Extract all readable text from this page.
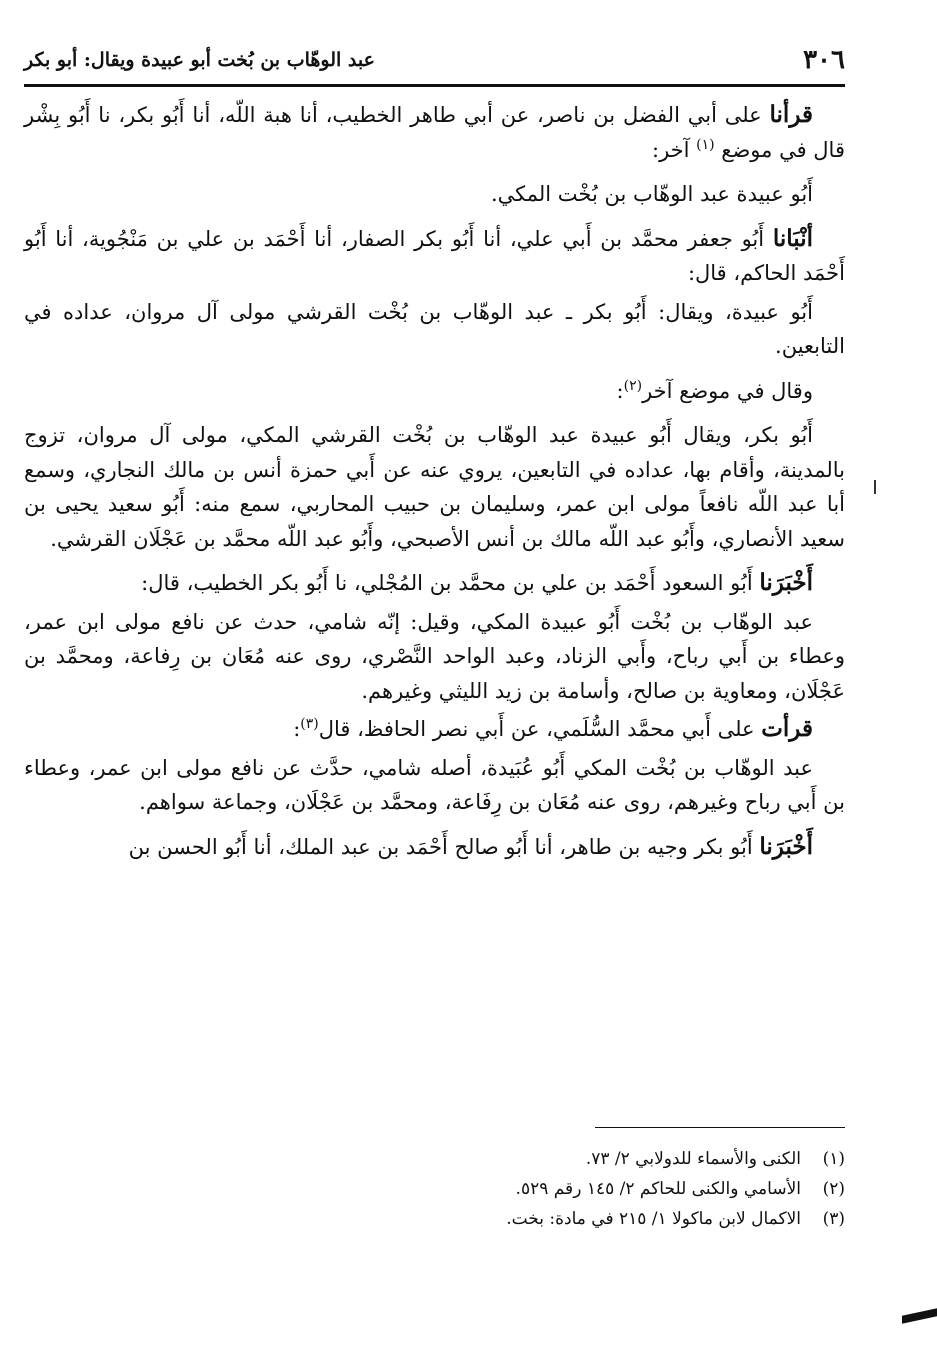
٣٠٦
عبد الوهّاب بن بُخت أبو عبيدة ويقال: أبو بكر

قرأنا على أبي الفضل بن ناصر، عن أبي طاهر الخطيب، أنا هبة اللّه، أنا أَبُو بكر، نا أَبُو بِشْر قال في موضع $^{(١)}$ آخر:

أَبُو عبيدة عبد الوهّاب بن بُخْت المكي.

أنْبَانا أَبُو جعفر محمَّد بن أَبي علي، أنا أَبُو بكر الصفار، أنا أَحْمَد بن علي بن مَنْجُوية، أنا أَبُو أَحْمَد الحاكم، قال:

أَبُو عبيدة، ويقال: أَبُو بكر ـ عبد الوهّاب بن بُخْت القرشي مولى آل مروان، عداده في التابعين.

وقال في موضع آخر$^{(٢)}$:

أَبُو بكر، ويقال أَبُو عبيدة عبد الوهّاب بن بُخْت القرشي المكي، مولى آل مروان، تزوج بالمدينة، وأقام بها، عداده في التابعين، يروي عنه عن أَبي حمزة أنس بن مالك النجاري، وسمع أبا عبد اللّه نافعاً مولى ابن عمر، وسليمان بن حبيب المحاربي، سمع منه: أَبُو سعيد يحيى بن سعيد الأنصاري، وأَبُو عبد اللّه مالك بن أنس الأصبحي، وأَبُو عبد اللّه محمَّد بن عَجْلَان القرشي.

أَخْبَرَنا أَبُو السعود أَحْمَد بن علي بن محمَّد بن المُجْلي، نا أَبُو بكر الخطيب، قال:

عبد الوهّاب بن بُخْت أَبُو عبيدة المكي، وقيل: إنّه شامي، حدث عن نافع مولى ابن عمر، وعطاء بن أَبي رباح، وأَبي الزناد، وعبد الواحد النَّصْري، روى عنه مُعَان بن رِفاعة، ومحمَّد بن عَجْلَان، ومعاوية بن صالح، وأسامة بن زيد الليثي وغيرهم.

قرأت على أَبي محمَّد السُّلَمي، عن أَبي نصر الحافظ، قال$^{(٣)}$:

عبد الوهّاب بن بُخْت المكي أَبُو عُبَيدة، أصله شامي، حدَّث عن نافع مولى ابن عمر، وعطاء بن أَبي رباح وغيرهم، روى عنه مُعَان بن رِفَاعة، ومحمَّد بن عَجْلَان، وجماعة سواهم.

أَخْبَرَنا أَبُو بكر وجيه بن طاهر، أنا أَبُو صالح أَحْمَد بن عبد الملك، أنا أَبُو الحسن بن

(١)
الكنى والأسماء للدولابي ٢/ ٧٣.
(٢)
الأسامي والكنى للحاكم ٢/ ١٤٥ رقم ٥٢٩.
(٣)
الاكمال لابن ماكولا ١/ ٢١٥ في مادة: بخت.
